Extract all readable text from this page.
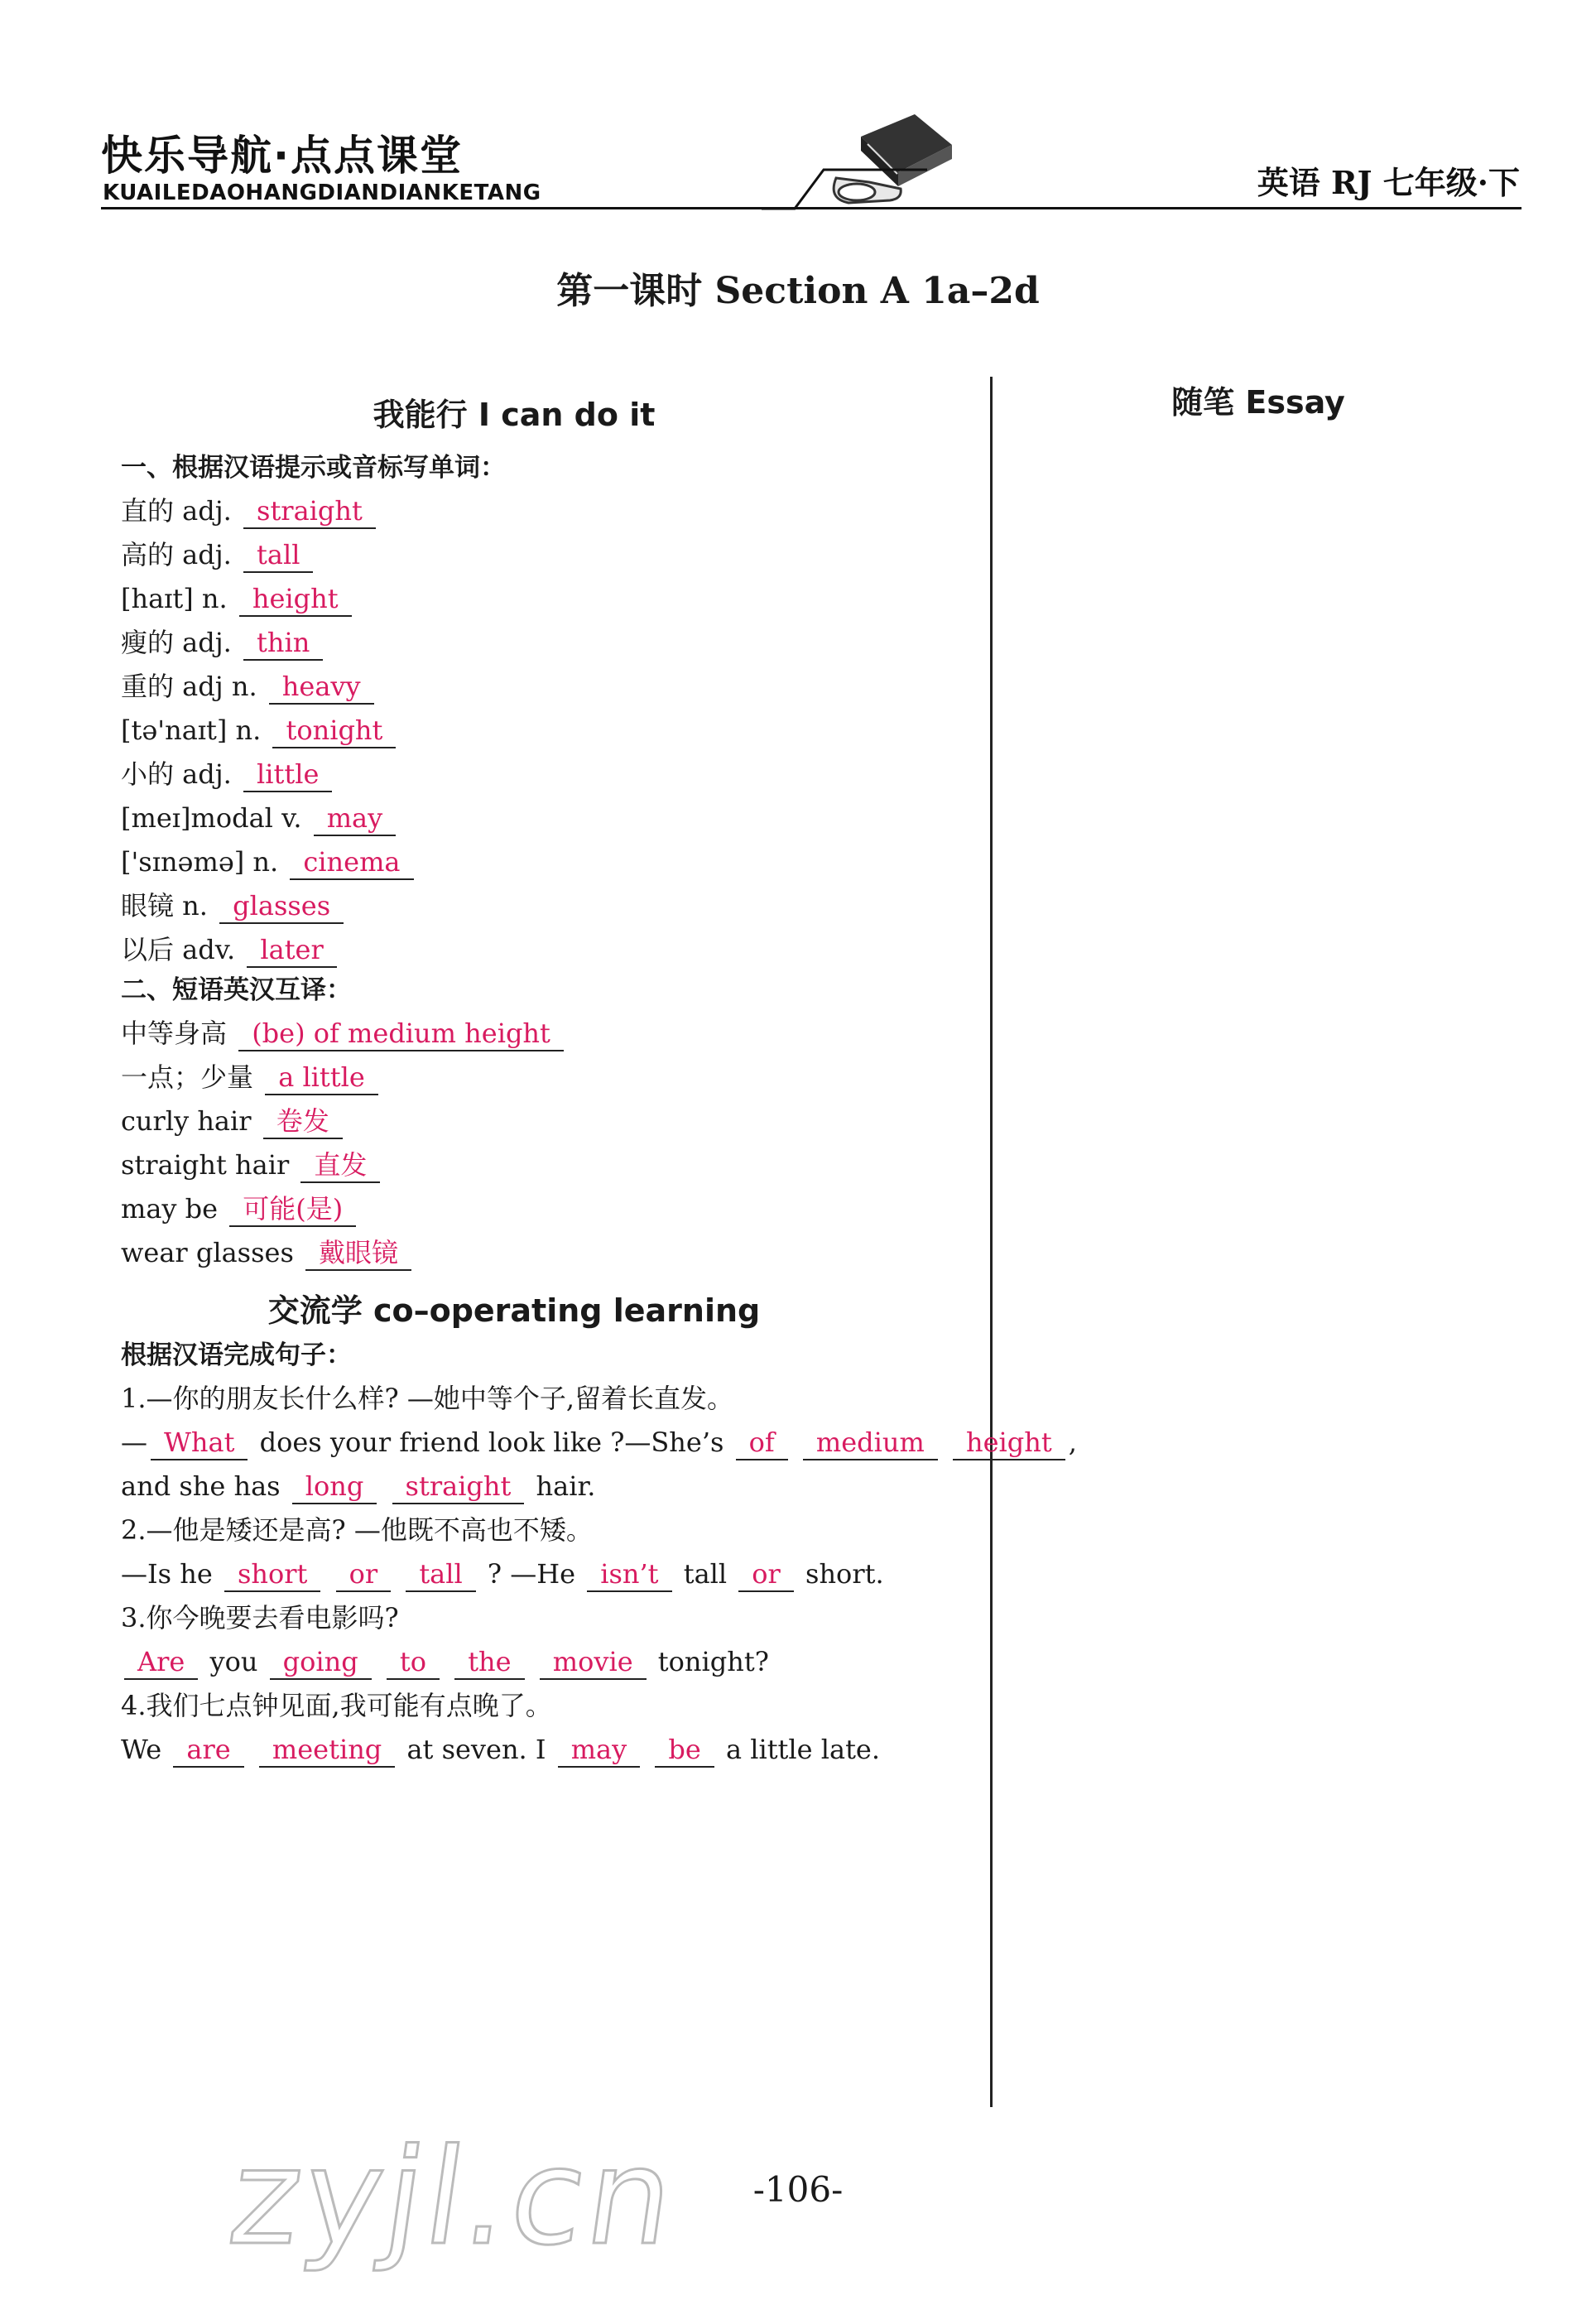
快乐导航·点点课堂
KUAILEDAOHANGDIANDIANKETANG	英语 RJ 七年级·下
第一课时 Section A 1a–2d
我能行 I can do it
一、根据汉语提示或音标写单词：
直的 adj. straight
高的 adj. tall
[haɪt] n. height
瘦的 adj. thin
重的 adj n. heavy
[tə'naɪt] n. tonight
小的 adj. little
[meɪ]modal v. may
['sɪnəmə] n. cinema
眼镜 n. glasses
以后 adv. later
二、短语英汉互译：
中等身高 (be) of medium height
一点；少量 a little
curly hair 卷发
straight hair 直发
may be 可能(是)
wear glasses 戴眼镜
交流学 co–operating learning
根据汉语完成句子：
1.—你的朋友长什么样? —她中等个子,留着长直发。
— What does your friend look like ?—She’s of medium height ,
and she has long straight hair.
2.—他是矮还是高? —他既不高也不矮。
—Is he short or tall ? —He isn’t tall or short.
3.你今晚要去看电影吗?
Are you going to the movie tonight?
4.我们七点钟见面,我可能有点晚了。
We are meeting at seven. I may be a little late.
随笔 Essay
-106-
zyjl.cn
